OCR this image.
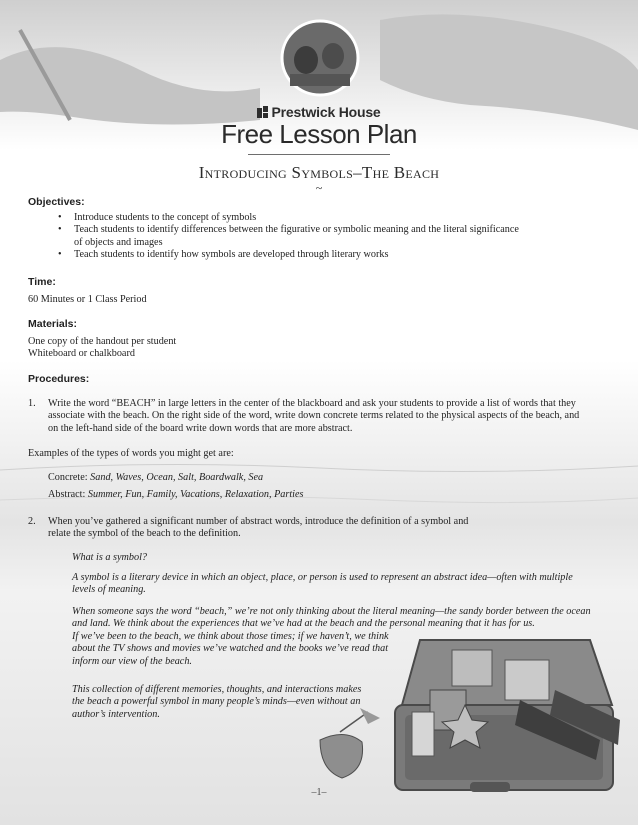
Prestwick House
Free Lesson Plan
Introducing Symbols–The Beach
~
Objectives:
• Introduce students to the concept of symbols
• Teach students to identify differences between the figurative or symbolic meaning and the literal significance of objects and images
• Teach students to identify how symbols are developed through literary works
Time:
60 Minutes or 1 Class Period
Materials:
One copy of the handout per student
Whiteboard or chalkboard
Procedures:
1. Write the word “BEACH” in large letters in the center of the blackboard and ask your students to provide a list of words that they associate with the beach. On the right side of the word, write down concrete terms related to the physical aspects of the beach, and on the left-hand side of the board write down words that are more abstract.
Examples of the types of words you might get are:
Concrete: Sand, Waves, Ocean, Salt, Boardwalk, Sea
Abstract: Summer, Fun, Family, Vacations, Relaxation, Parties
2. When you’ve gathered a significant number of abstract words, introduce the definition of a symbol and relate the symbol of the beach to the definition.
What is a symbol?
A symbol is a literary device in which an object, place, or person is used to represent an abstract idea—often with multiple levels of meaning.
When someone says the word “beach,” we’re not only thinking about the literal meaning—the sandy border between the ocean and land. We think about the experiences that we’ve had at the beach and the personal meaning that it has for us.
If we’ve been to the beach, we think about those times; if we haven’t, we think about the TV shows and movies we’ve watched and the books we’ve read that inform our view of the beach.
This collection of different memories, thoughts, and interactions makes the beach a powerful symbol in many people’s minds—even without an author’s intervention.
–1–
